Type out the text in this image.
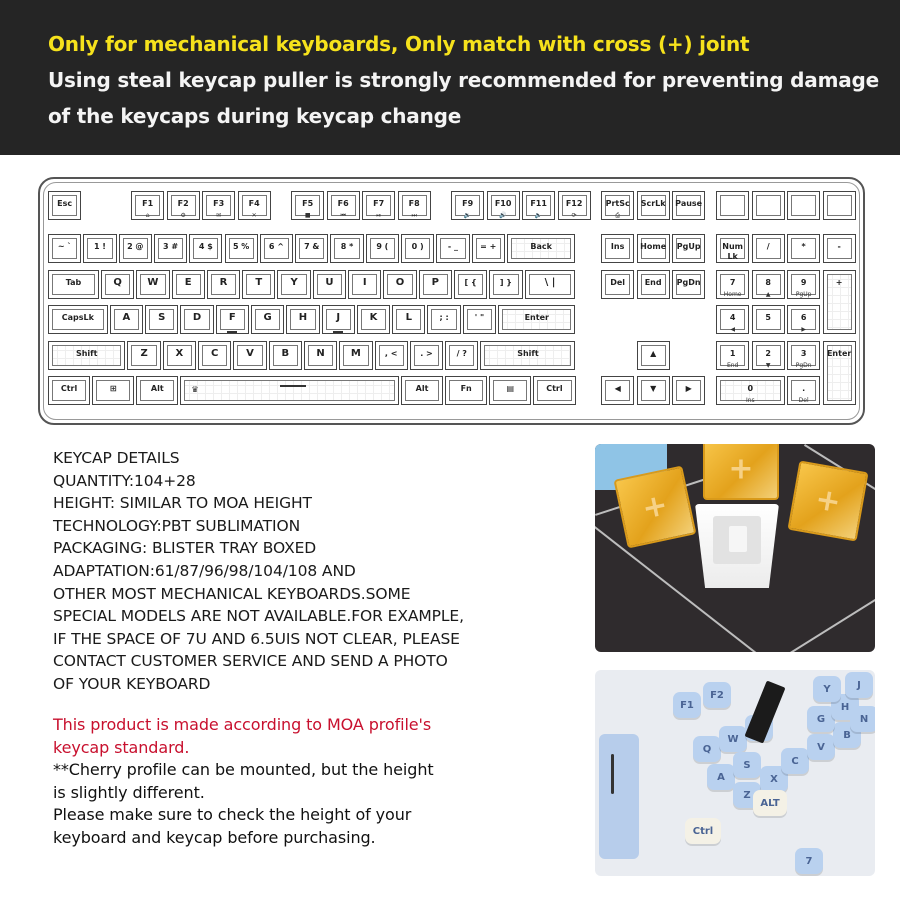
Only for mechanical keyboards, Only match with cross (+) joint
Using steal keycap puller is strongly recommended for preventing damage
of the keycaps during keycap change
Esc	F1
⌂
F2
⚙
F3
✉
F4
✕
F5
■
F6
⏮
F7
⏯
F8
⏭
F9
🔉
F10
🔊
F11
🔈
F12
⟳
PrtSc
⎙
ScrLk Pause
~ `	1 !	2 @ 3 #	4 $	5 % 6 ^	7 &	8 *	9 (	0 )	- _	= +	Back	Ins Home PgUp	Num Lk
/	*	-
Tab	Q	W	E	R	T	Y	U	I	O	P	[ {	] }	\ |	Del End PgDn	7
Home
8
▲
9
PgUp
+
CapsLk	A	S	D	F	G	H	J	K	L	; :	' "	Enter	4
◀
5	6
▶
Shift	Z	X	C	V	B	N	M	, <	. >	/ ?	Shift	▲	1
End
2
▼
3
PgDn
Enter
Ctrl	⊞	Alt	♛	Alt	Fn	▤	Ctrl	◀	▼	▶	0
Ins
.
Del
KEYCAP DETAILS
QUANTITY:104+28
HEIGHT: SIMILAR TO MOA HEIGHT
TECHNOLOGY:PBT SUBLIMATION
PACKAGING: BLISTER TRAY BOXED
ADAPTATION:61/87/96/98/104/108 AND
OTHER MOST MECHANICAL KEYBOARDS.SOME
SPECIAL MODELS ARE NOT AVAILABLE.FOR EXAMPLE,
IF THE SPACE OF 7U AND 6.5UIS NOT CLEAR, PLEASE
CONTACT CUSTOMER SERVICE AND SEND A PHOTO
OF YOUR KEYBOARD
This product is made according to MOA profile's
keycap standard.
**Cherry profile can be mounted, but the height
is slightly different.
Please make sure to check the height of your
keyboard and keycap before purchasing.
+
+
+
F1
F2
Q
W
A
S
Z
X
C
V
B
G
H
Y	J
N
ALT
Ctrl
7
